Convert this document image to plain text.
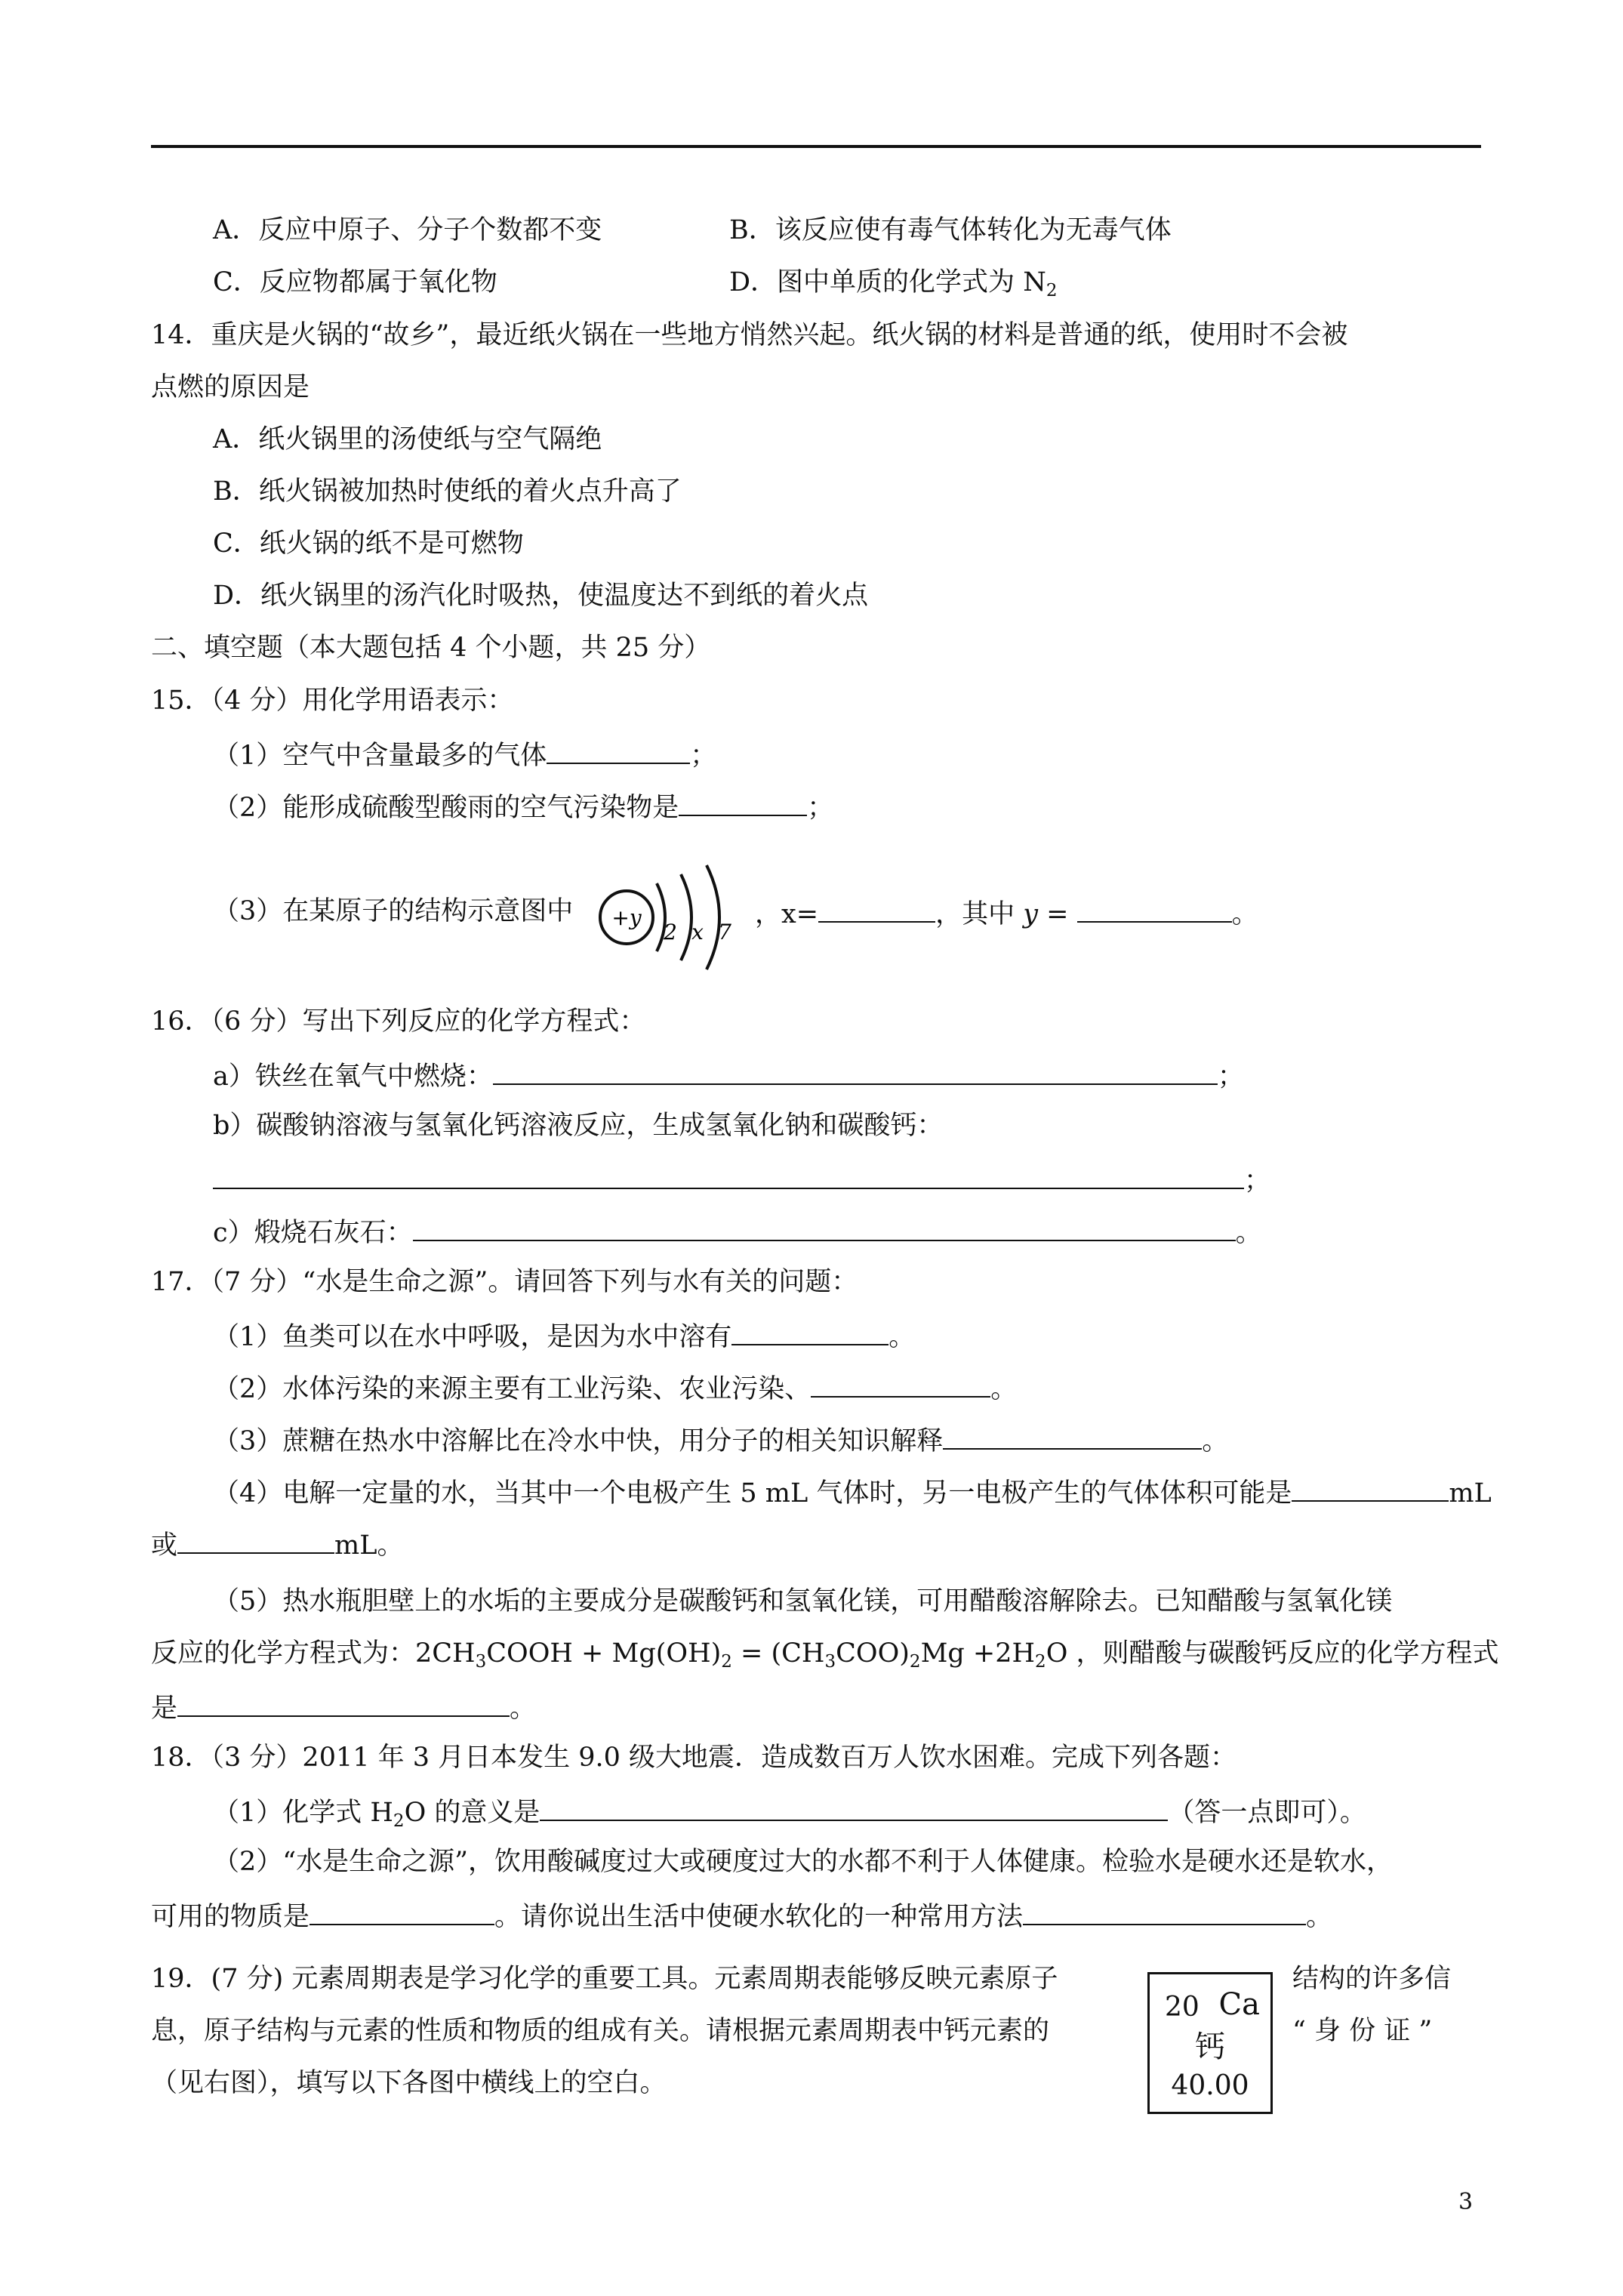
A．反应中原子、分子个数都不变	B．该反应使有毒气体转化为无毒气体
C．反应物都属于氧化物	D．图中单质的化学式为 $N_2$
14．重庆是火锅的“故乡”，最近纸火锅在一些地方悄然兴起。纸火锅的材料是普通的纸，使用时不会被
点燃的原因是
A．纸火锅里的汤使纸与空气隔绝
B．纸火锅被加热时使纸的着火点升高了
C．纸火锅的纸不是可燃物
D．纸火锅里的汤汽化时吸热，使温度达不到纸的着火点
二、填空题（本大题包括 4 个小题，共 25 分）
15．（4 分）用化学用语表示：
（1）空气中含量最多的气体	；
（2）能形成硫酸型酸雨的空气污染物是	；
（3）在某原子的结构示意图中 +y
2 x 7
，x=	，其中 y =	。
16．（6 分）写出下列反应的化学方程式：
a）铁丝在氧气中燃烧：	；
b）碳酸钠溶液与氢氧化钙溶液反应，生成氢氧化钠和碳酸钙：
；
c）煅烧石灰石：	。
17．（7 分）“水是生命之源”。请回答下列与水有关的问题：
（1）鱼类可以在水中呼吸，是因为水中溶有	。
（2）水体污染的来源主要有工业污染、农业污染、	。
（3）蔗糖在热水中溶解比在冷水中快，用分子的相关知识解释	。
（4）电解一定量的水，当其中一个电极产生 5 mL 气体时，另一电极产生的气体体积可能是	mL
或	mL。
（5）热水瓶胆壁上的水垢的主要成分是碳酸钙和氢氧化镁，可用醋酸溶解除去。已知醋酸与氢氧化镁
反应的化学方程式为：$2CH_3COOH + Mg(OH)_2 = (CH_3COO)_2Mg +2H_2O$ ，则醋酸与碳酸钙反应的化学方程式
是	。
18．（3 分）2011 年 3 月日本发生 9.0 级大地震．造成数百万人饮水困难。完成下列各题：
（1）化学式 $H_2O$ 的意义是	（答一点即可）。
（2）“水是生命之源”，饮用酸碱度过大或硬度过大的水都不利于人体健康。检验水是硬水还是软水，
可用的物质是	。请你说出生活中使硬水软化的一种常用方法	。
19．(7 分) 元素周期表是学习化学的重要工具。元素周期表能够反映元素原子	结构的许多信
息，原子结构与元素的性质和物质的组成有关。请根据元素周期表中钙元素的	“ 身 份 证 ”
（见右图），填写以下各图中横线上的空白。
20 Ca
钙
40.00
3
